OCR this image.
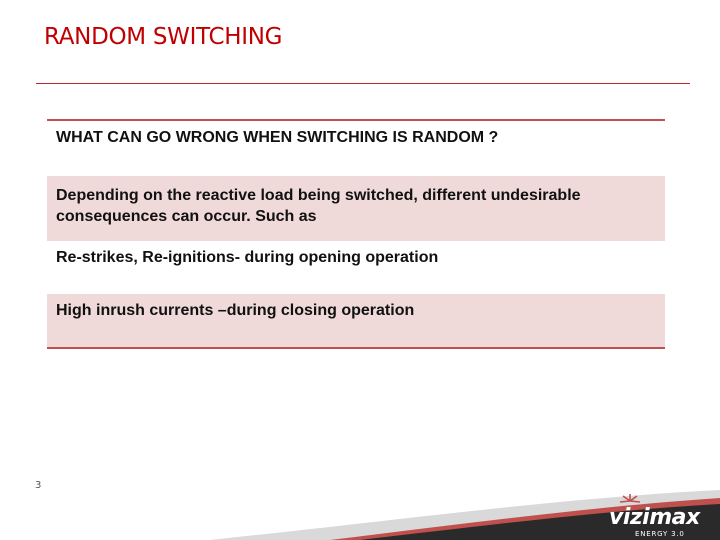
RANDOM SWITCHING
WHAT CAN GO WRONG WHEN SWITCHING IS RANDOM ?
Depending on the reactive load being switched, different undesirable consequences can occur. Such as
Re-strikes, Re-ignitions- during opening operation
High inrush currents –during closing operation
3
vizimax
ENERGY 3.0
